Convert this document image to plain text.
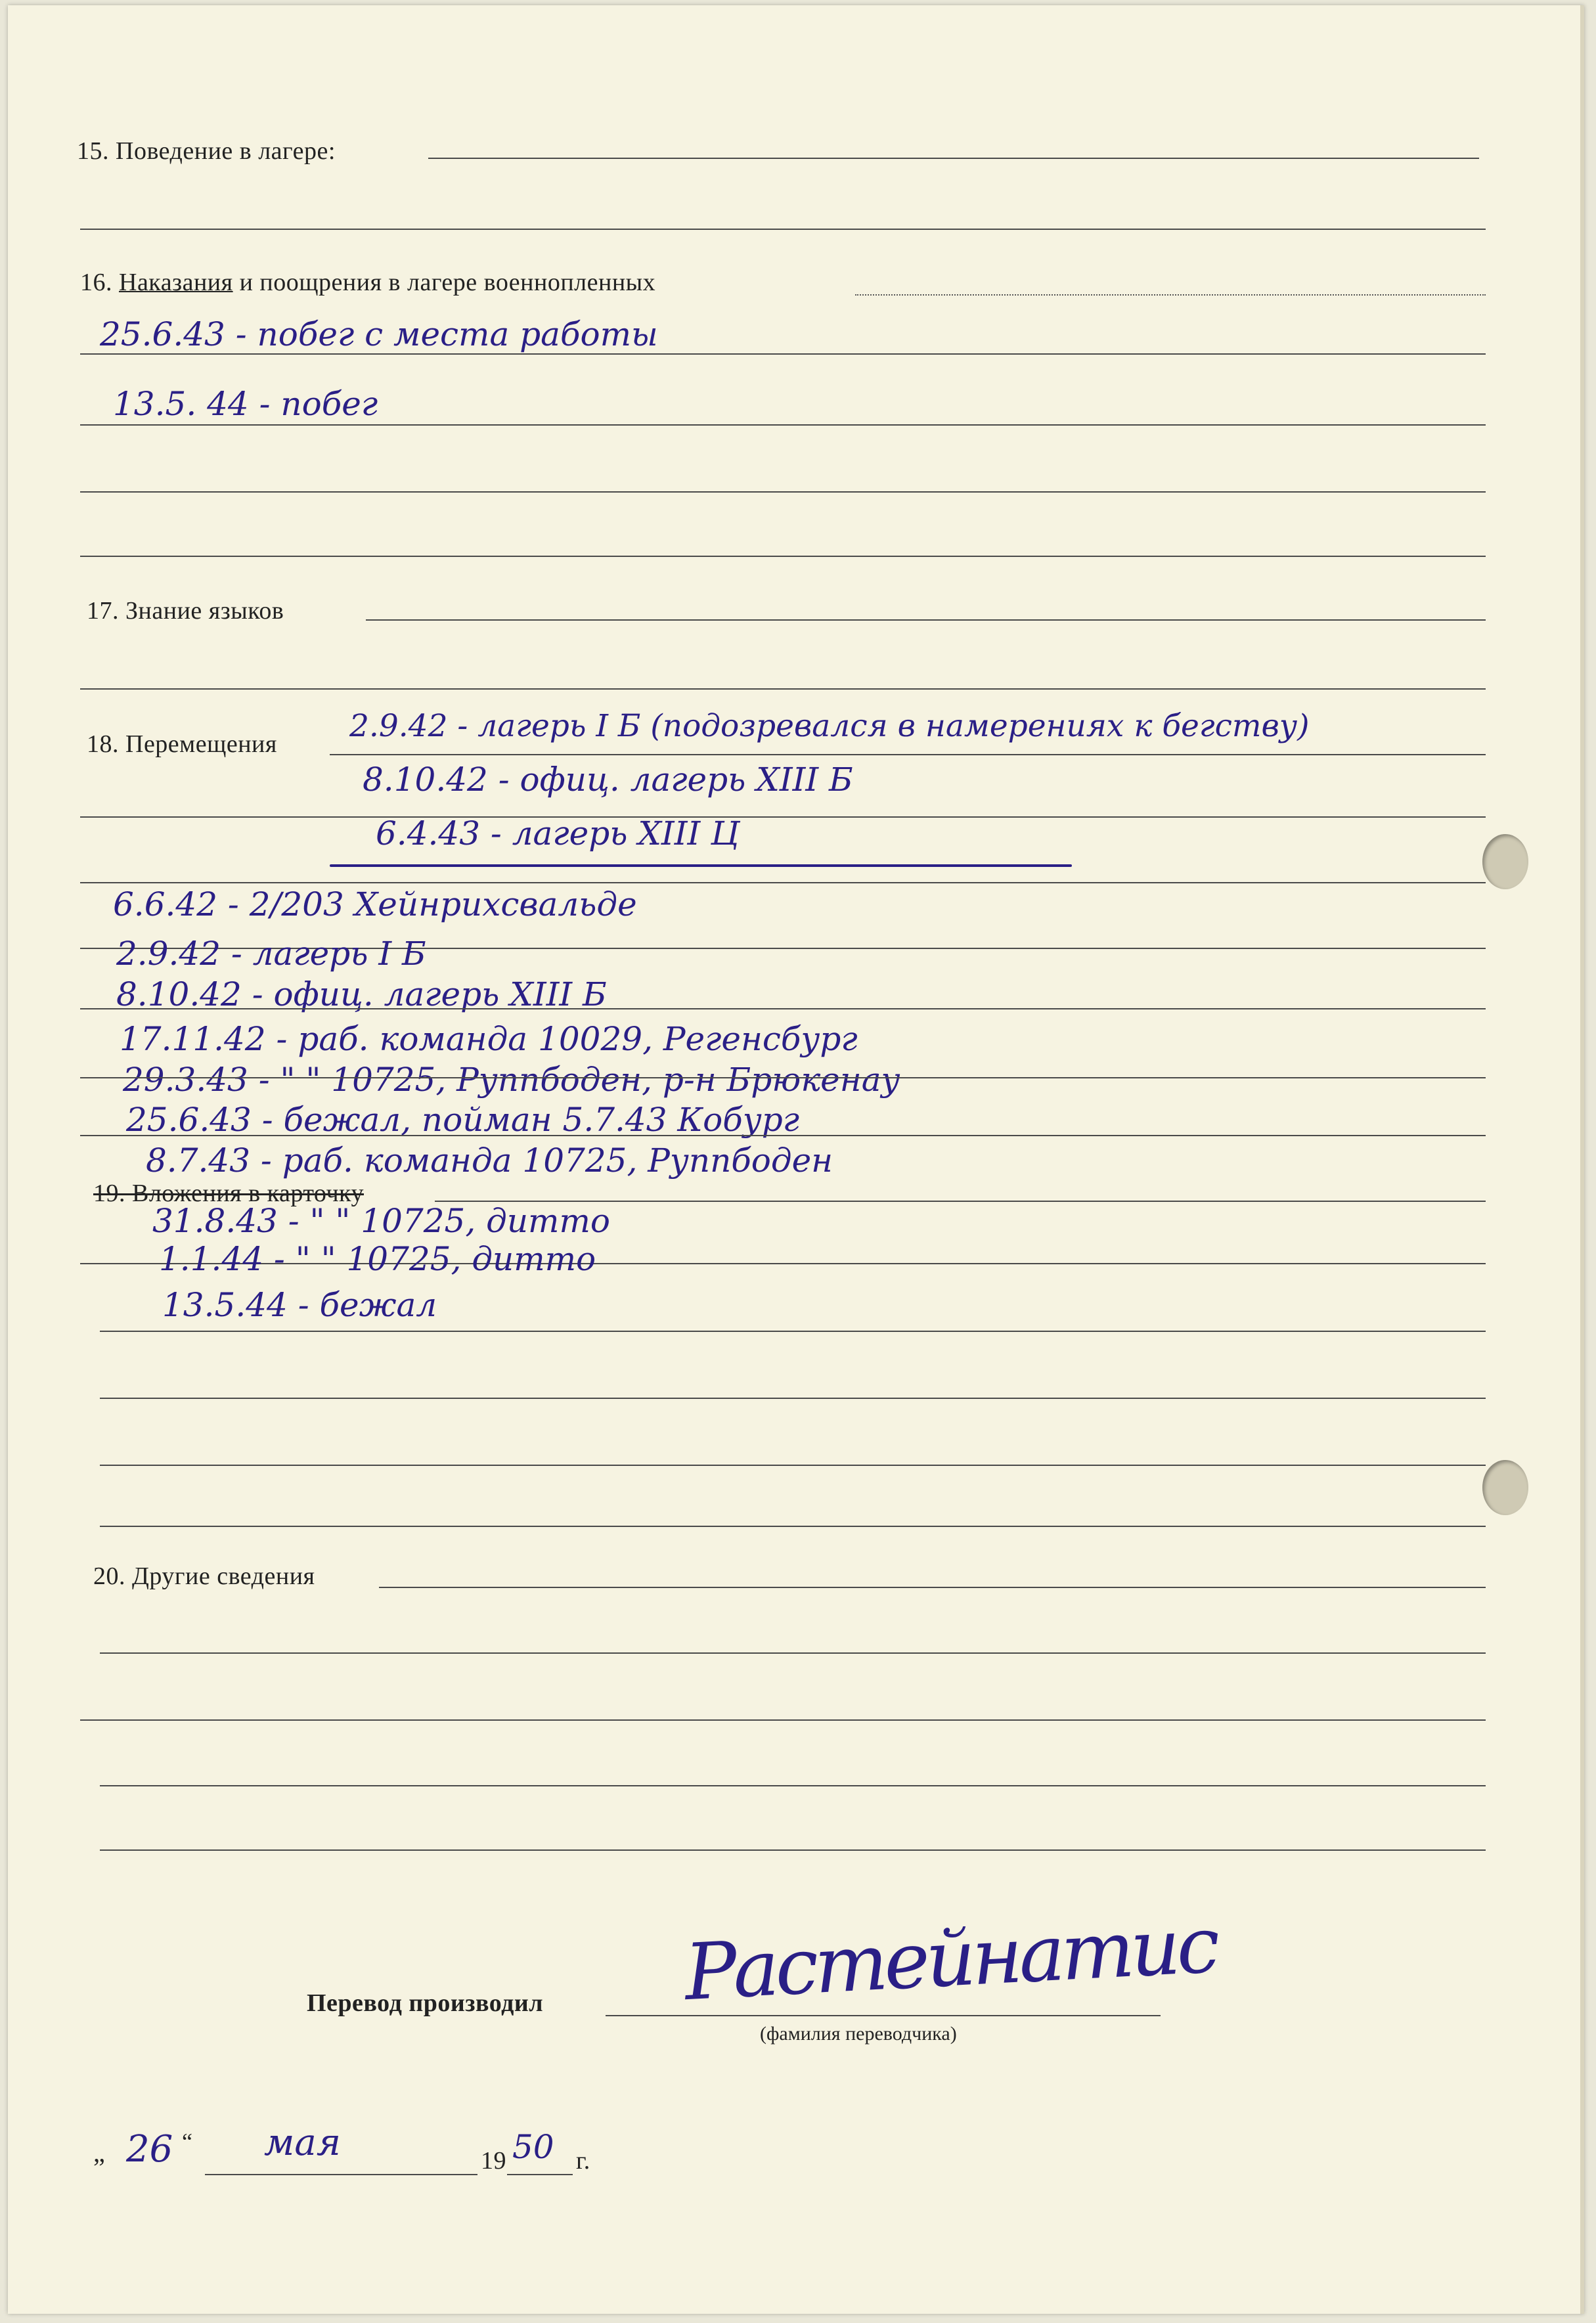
15. Поведение в лагере:
16. Наказания и поощрения в лагере военнопленных
25.6.43 - побег с места работы
13.5. 44 - побег
17. Знание языков
18. Перемещения 2.9.42 - лагерь I Б (подозревался в намерениях к бегству)
8.10.42 - офиц. лагерь XIII Б
6.4.43 - лагерь XIII Ц
6.6.42 - 2/203 Хейнрихсвальде
2.9.42 - лагерь I Б
8.10.42 - офиц. лагерь XIII Б
17.11.42 - раб. команда 10029, Регенсбург
29.3.43 - " " 10725, Руппбоден, р-н Брюкенау
25.6.43 - бежал, пойман 5.7.43 Кобург
8.7.43 - раб. команда 10725, Руппбоден
19. Вложения в карточку
31.8.43 - " " 10725, дитто
1.1.44 - " " 10725, дитто
13.5.44 - бежал
20. Другие сведения
Перевод производил Растейнатис
(фамилия переводчика)
„ 26 “ мая	19 50 г.
